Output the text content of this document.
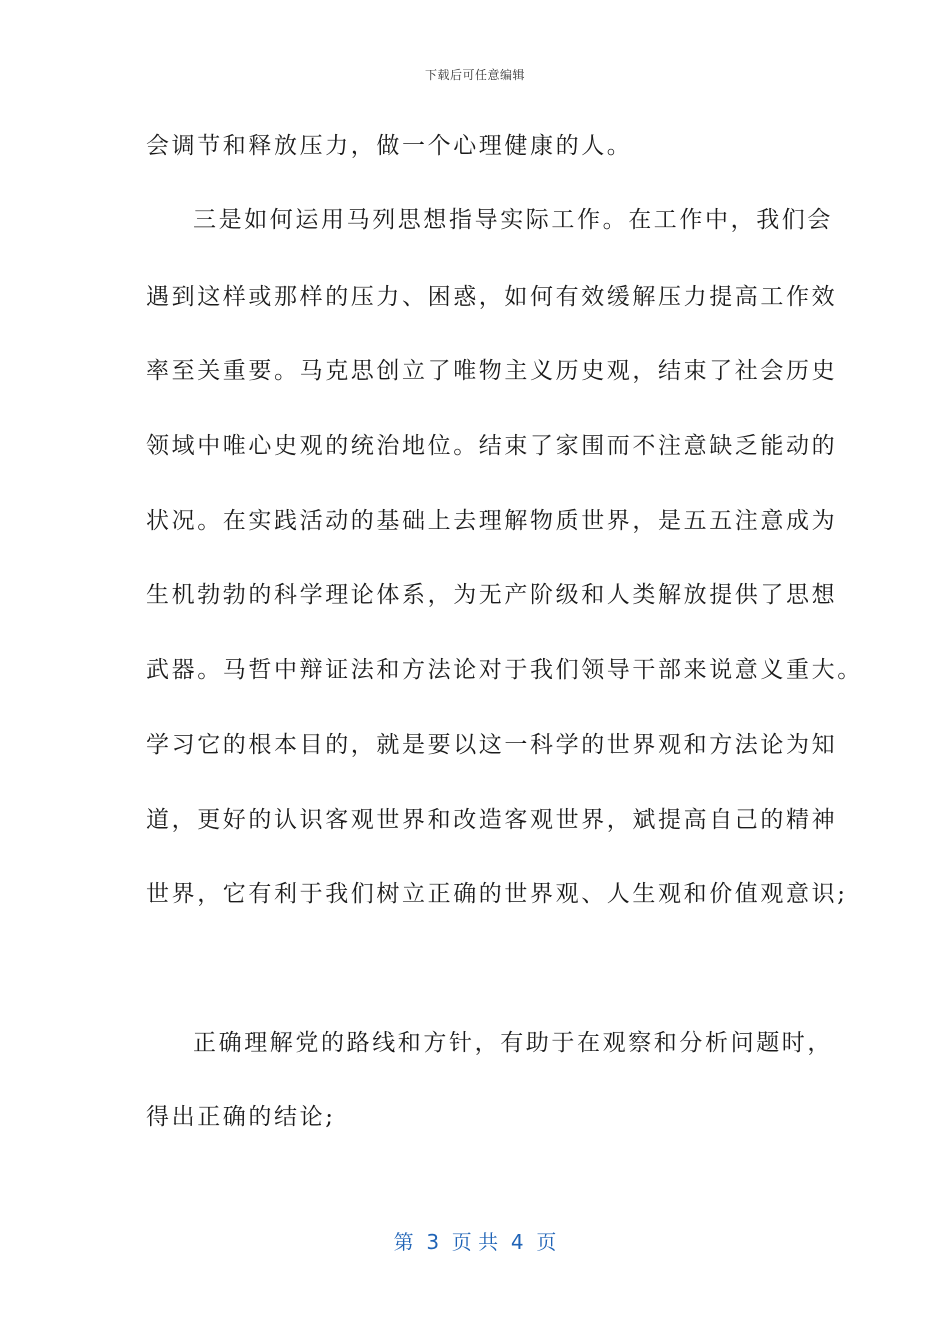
下载后可任意编辑
会调节和释放压力，做一个心理健康的人。
三是如何运用马列思想指导实际工作。在工作中，我们会
遇到这样或那样的压力、困惑，如何有效缓解压力提高工作效
率至关重要。马克思创立了唯物主义历史观，结束了社会历史
领域中唯心史观的统治地位。结束了家围而不注意缺乏能动的
状况。在实践活动的基础上去理解物质世界，是五五注意成为
生机勃勃的科学理论体系，为无产阶级和人类解放提供了思想
武器。马哲中辩证法和方法论对于我们领导干部来说意义重大。
学习它的根本目的，就是要以这一科学的世界观和方法论为知
道，更好的认识客观世界和改造客观世界，斌提高自己的精神
世界，它有利于我们树立正确的世界观、人生观和价值观意识;
正确理解党的路线和方针，有助于在观察和分析问题时，
得出正确的结论;
第  3  页 共  4  页
